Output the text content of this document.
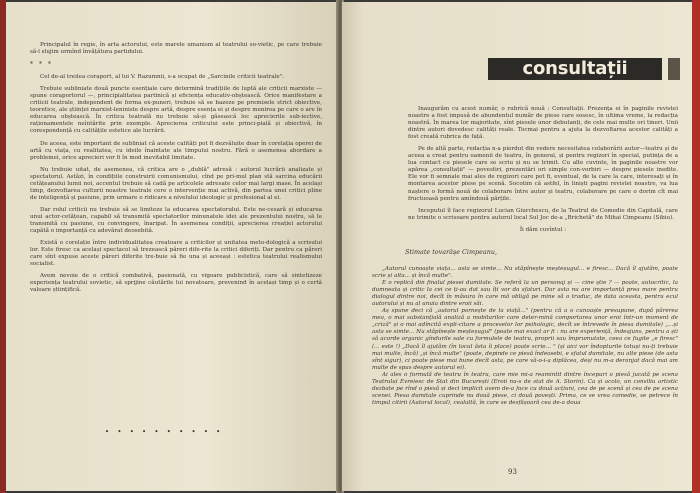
Principalul în regie, în arta actorului, este marele umanism al teatrului so-vietic, pe care trebuie să-l slujim urmînd învățătura partidului.

* * *

Cel de-al treilea coraport, al lui V. Razumnii, s-a ocupat de „Sarcinile criticii teatrale".

Trebuie subliniate două puncte esențiale care determină tradițiile de luptă ale criticii marxiste — spune coraportorul —, principialitatea partinică și eficiența educativ-obștească. Orice manifestare a criticii teatrale, independent de forma ex-puneri, trebuie să se bazeze pe premisele strict obiective, teoretice, ale științei marxist-leniniste despre artă, despre esența ei și despre menirea pe care o are în educarea obștească. În critica teatrală nu trebuie să-și găsească loc aprecierile sub-iective, raționamentele neîntărite prin exemple. Aprecierea criticului este princi-pială și obiectivă, în corespondență cu calitățile estetice ale lucrării.

De aceea, este important de subliniat că aceste calități pot fi dezvăluite doar în corelația operei de artă cu viața, cu realitatea, cu ideile înaintate ale timpului nostru. Fără o asemenea abordare a problemei, orice aprecieri vor fi în mod inevitabil limitate.

Nu trebuie uitat, de asemenea, că critica are o „dublă" adresă : autorul lucrării analizate și spectatorul. Astăzi, în condițiile construirii comunismului, cînd pe pri-mul plan stă sarcina educării cetățeanului lumii noi, accentul trebuie să cadă pe articolele adresate celor mai largi mase. În același timp, dezvoltarea culturii noastre teatrale cere o intervenție mai activă, din partea unei critici pline de inteligență și pasiune, prin urmare o ridicare a nivelului ideologic și profesional al ei.

Dar rolul criticii nu trebuie să se limiteze la educarea spectatorului. Este ne-cesară și educarea unui actor-cetățean, capabil să transmită spectatorilor minunatele idei ale prezentului nostru, să le transmită cu pasiune, cu convingere, înaripat. În asemenea condiții, aprecierea creației actorului capătă o importanță cu adevărat deosebită.

Există o corelație între individualitatea creatoare a criticilor și unitatea meto-dologică a scrisului lor. Este firesc ca același spectacol să trezească păreri dife-rite la critici diferiți. Dar pentru ca păreri care sînt expuse aceste păreri diferite tre-buie să fie una și aceeași : estetica teatrului realismului socialist.

Avem nevoie de o critică combativă, pasionată, cu vigoare publicistică, care să sintetizeze experiența teatrului sovietic, să sprijine căutările lui novatoare, prevenind în același timp și o certă valoare științifică.

• • • • • • • • • •
consultații

Inaugurăm cu acest număr, o rubrică nouă : Consultații. Prezența ei în paginile revistei noastre a fost impusă de abundentul număr de piese care sosesc, în ultima vreme, la redacția noastră. În marea lor majoritate, sînt piesele unor debutanți, de cele mai multe ori tineri. Unii dintre autori dovedesc calități reale. Tocmai pentru a ajuta la dezvoltarea acestor calități a fost creată rubrica de față.

Pe de altă parte, redacția n-a pierdut din vedere necesitatea colaborării autor—teatru și de aceea a creat pentru oamenii de teatru, în general, și pentru regizori în special, putința de a lua contact cu piesele care se scriu și nu se trimit. Cu alte cuvinte, în paginile noastre vor apărea „consultații" — povestiri, prezentări ori simple con-vorbiri — despre piesele inedite. Ele vor fi semnale mai ales de regizori care pot fi, eventual, de la care la care, interesați și în montarea acestor piese pe scenă. Socotim că astfel, în liniști pagini revistei noastre, va lua naștere o formă nouă de colaborare între autor și teatru, colaborare pe care o dorim cît mai fructuoasă pentru amîndouă părțile.

Inceputul îl face regizorul Lucian Giurchescu, de la Teatrul de Comedie din Capitală, care ne trimite o scrisoare pentru autorul local Sul Joc de-a „Brichetă" de Mihai Cimpeanu (Sibiu).

Îi dăm cuvîntul :

Stimate tovarășe Cimpeanu,

„Autorul cunoaște viața... asta se simte... Nu stăpînește meșteșugul... e firesc... Dacă îl ajutăm, poate scrie și alta... și încă multe".

E o replică din finalul piesei dumitale. Se referă la un personaj și — cine știe ? — poate, autocritic, la dumneata și critic la cei ce ți-au dat sau îți vor da sfaturi. Dar asta nu are importanță prea mare pentru dialogul dintre noi, decît în măsura în care mă obligă pe mine să o traduc, de data aceasta, pentru ecul autorului și nu al unuia dintre eroii săi.

Aș spune deci că „autorul pornește de la viață..." (pentru că a o cunoaște presupune, după părerea mea, o mai substanțială analiză a mobilurilor care deter-mină comportarea unor eroi într-un moment de „criză" și o mai adîncită expli-citare a proceselor lor psihologic, decît se întrevede în piesa dumitale) „...și asta se simte... Nu stăpînește meșteșugul" (poate mai exact ar fi : nu are experiență, îndeajuns, pentru a ști să acorde organic gîndurile sale cu formulele de teatru, proprii sau împrumutate, ceea ce fugite „e firesc" (... este !) „Dacă îl ajutăm (în locul ăsta îi place) poate scrie... " (și aici vor îndopturile totuși nu-ți trebuie mai multe, încă) „și încă multe" (poate, depinde ce piesă îndeosebi, e sfatul dumitale, nu alte piese (de asta sînt sigur), ci poate piese mai bune decît asta, pe care vă-o-i-a diplăcea, deși nu m-a deranjat dacă mai am multe de spus despre autorul ei).

Ai ales o formulă de teatru în teatru, care mie mi-a reamintit dintre începuri o piesă jucată pe scena Teatrului Evreiesc de Stat din București (Eroii nu-s de stat de A. Storin). Ca și acolo, un consiliu artistic dezbate pe rînd o piesă și deci implicit avem de-a face cu două acțiuni, cea de pe scenă și cea de pe scena scenei. Piesa dumitale cuprinde nu două piese, ci două povești. Prima, ce se vrea comedie, se petrece în timpul citirii (Autorul local), cealaltă, în care se desfășoară cea de-a doua

93
